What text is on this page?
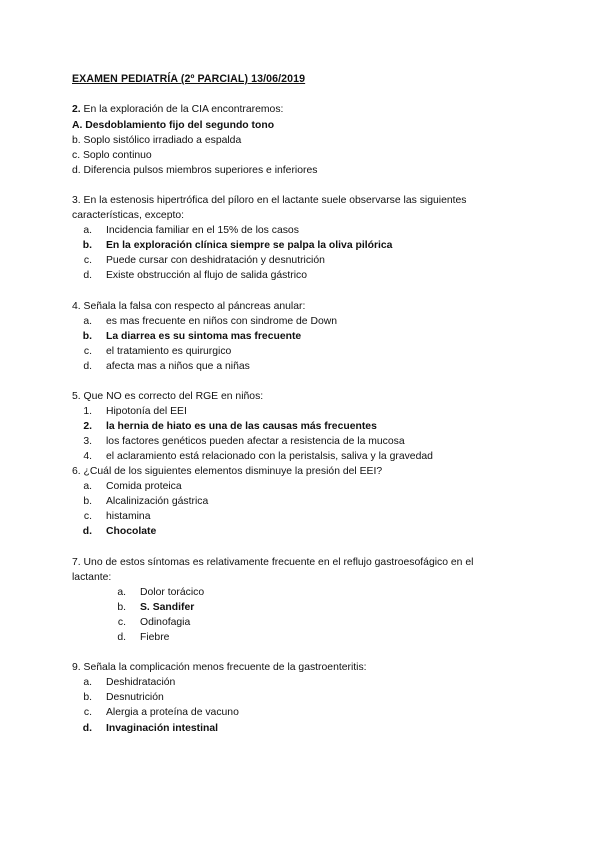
EXAMEN PEDIATRÍA (2º PARCIAL) 13/06/2019
2. En la exploración de la CIA encontraremos:
A. Desdoblamiento fijo del segundo tono
b. Soplo sistólico irradiado a espalda
c. Soplo continuo
d. Diferencia pulsos miembros superiores e inferiores
3. En la estenosis hipertrófica del píloro en el lactante suele observarse las siguientes
características, excepto:
a. Incidencia familiar en el 15% de los casos
b. En la exploración clínica siempre se palpa la oliva pilórica
c. Puede cursar con deshidratación y desnutrición
d. Existe obstrucción al flujo de salida gástrico
4. Señala la falsa con respecto al páncreas anular:
a. es mas frecuente en niños con sindrome de Down
b. La diarrea es su sintoma mas frecuente
c. el tratamiento es quirurgico
d. afecta mas a niños que a niñas
5. Que NO es correcto del RGE en niños:
1. Hipotonía del EEI
2. la hernia de hiato es una de las causas más frecuentes
3. los factores genéticos pueden afectar a resistencia de la mucosa
4. el aclaramiento está relacionado con la peristalsis, saliva y la gravedad
6. ¿Cuál de los siguientes elementos disminuye la presión del EEI?
a. Comida proteica
b. Alcalinización gástrica
c. histamina
d. Chocolate
7. Uno de estos síntomas es relativamente frecuente en el reflujo gastroesofágico en el
lactante:
a. Dolor torácico
b. S. Sandifer
c. Odinofagia
d. Fiebre
9. Señala la complicación menos frecuente de la gastroenteritis:
a. Deshidratación
b. Desnutrición
c. Alergia a proteína de vacuno
d. Invaginación intestinal
